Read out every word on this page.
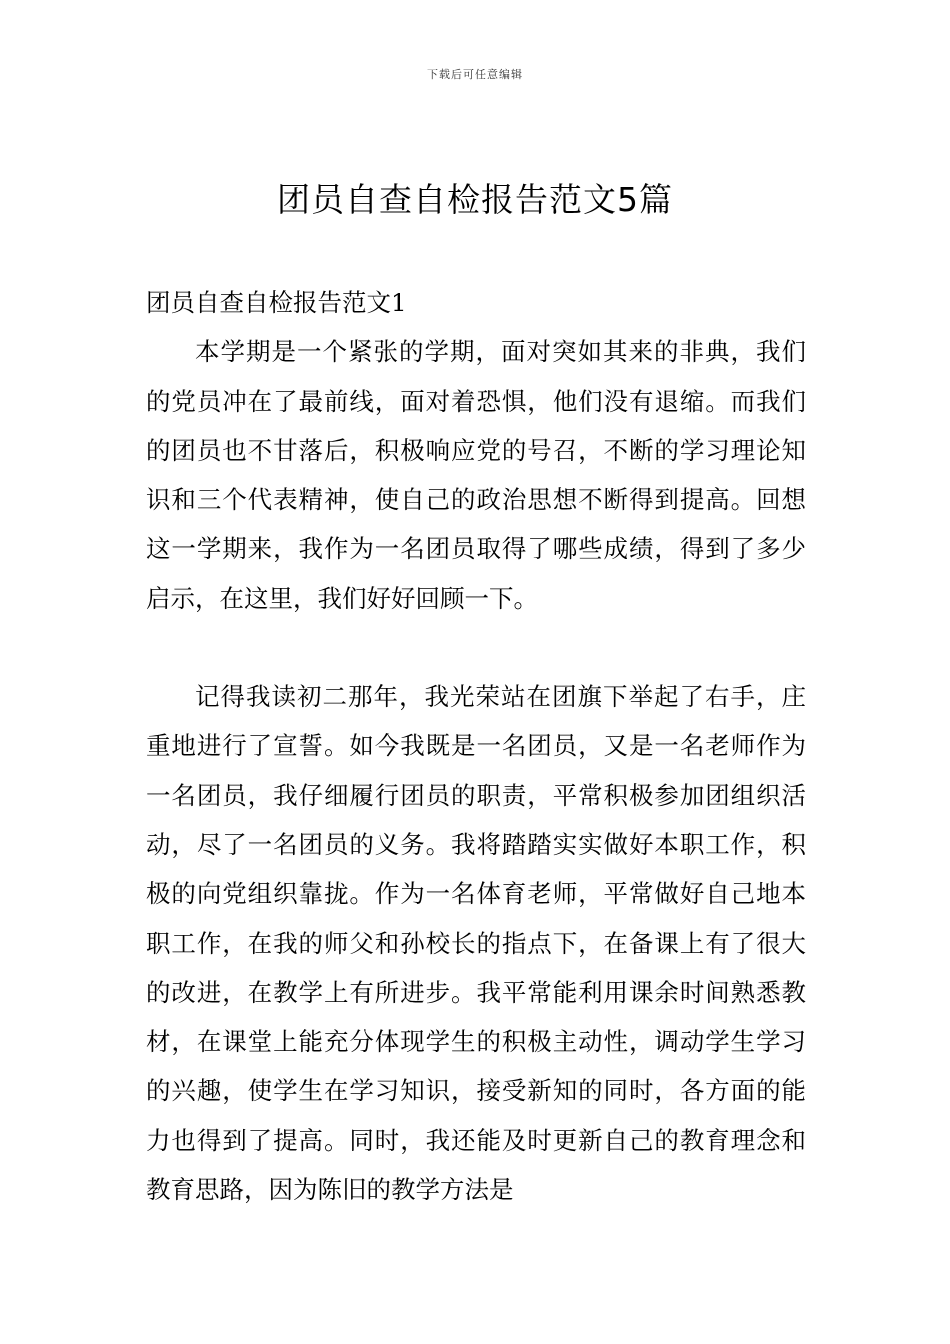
下载后可任意编辑
团员自查自检报告范文5篇
团员自查自检报告范文1

本学期是一个紧张的学期，面对突如其来的非典，我们的党员冲在了最前线，面对着恐惧，他们没有退缩。而我们的团员也不甘落后，积极响应党的号召，不断的学习理论知识和三个代表精神，使自己的政治思想不断得到提高。回想这一学期来，我作为一名团员取得了哪些成绩，得到了多少启示，在这里，我们好好回顾一下。

记得我读初二那年，我光荣站在团旗下举起了右手，庄重地进行了宣誓。如今我既是一名团员，又是一名老师作为一名团员，我仔细履行团员的职责，平常积极参加团组织活动，尽了一名团员的义务。我将踏踏实实做好本职工作，积极的向党组织靠拢。作为一名体育老师，平常做好自己地本职工作，在我的师父和孙校长的指点下，在备课上有了很大的改进，在教学上有所进步。我平常能利用课余时间熟悉教材，在课堂上能充分体现学生的积极主动性，调动学生学习的兴趣，使学生在学习知识，接受新知的同时，各方面的能力也得到了提高。同时，我还能及时更新自己的教育理念和教育思路，因为陈旧的教学方法是
